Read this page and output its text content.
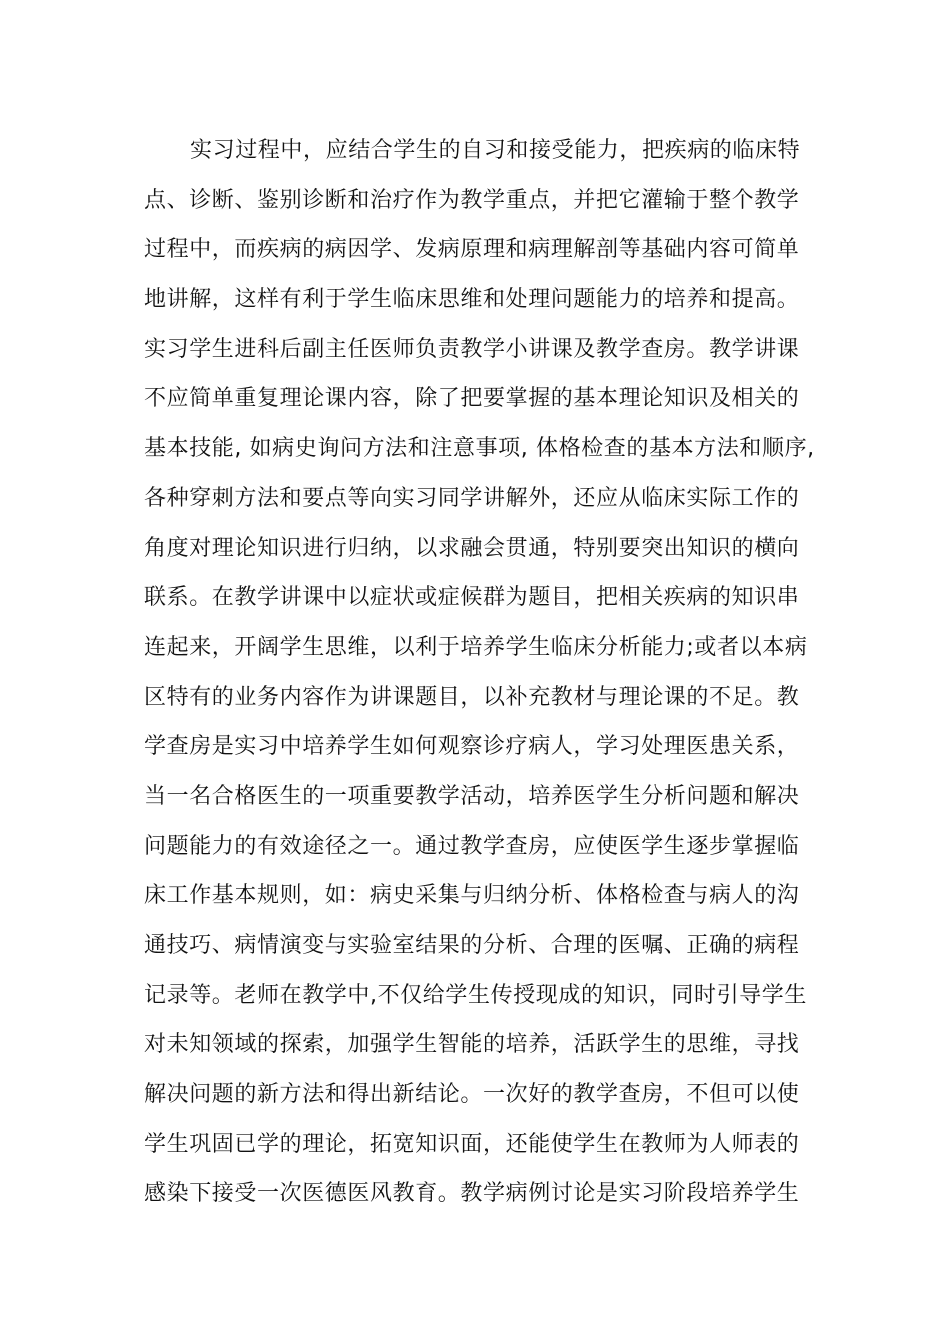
实习过程中，应结合学生的自习和接受能力，把疾病的临床特
点、诊断、鉴别诊断和治疗作为教学重点，并把它灌输于整个教学
过程中，而疾病的病因学、发病原理和病理解剖等基础内容可简单
地讲解，这样有利于学生临床思维和处理问题能力的培养和提高。
实习学生进科后副主任医师负责教学小讲课及教学查房。教学讲课
不应简单重复理论课内容，除了把要掌握的基本理论知识及相关的
基本技能, 如病史询问方法和注意事项, 体格检查的基本方法和顺序,
各种穿刺方法和要点等向实习同学讲解外，还应从临床实际工作的
角度对理论知识进行归纳，以求融会贯通，特别要突出知识的横向
联系。在教学讲课中以症状或症候群为题目，把相关疾病的知识串
连起来，开阔学生思维，以利于培养学生临床分析能力;或者以本病
区特有的业务内容作为讲课题目，以补充教材与理论课的不足。教
学查房是实习中培养学生如何观察诊疗病人，学习处理医患关系，
当一名合格医生的一项重要教学活动，培养医学生分析问题和解决
问题能力的有效途径之一。通过教学查房，应使医学生逐步掌握临
床工作基本规则，如：病史采集与归纳分析、体格检查与病人的沟
通技巧、病情演变与实验室结果的分析、合理的医嘱、正确的病程
记录等。老师在教学中,不仅给学生传授现成的知识，同时引导学生
对未知领域的探索，加强学生智能的培养，活跃学生的思维，寻找
解决问题的新方法和得出新结论。一次好的教学查房，不但可以使
学生巩固已学的理论，拓宽知识面，还能使学生在教师为人师表的
感染下接受一次医德医风教育。教学病例讨论是实习阶段培养学生
